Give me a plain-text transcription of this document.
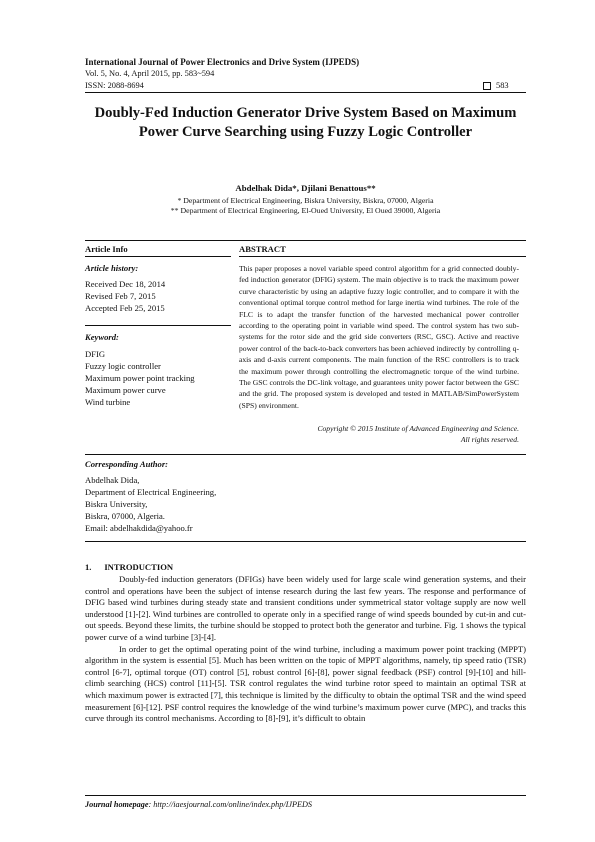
International Journal of Power Electronics and Drive System (IJPEDS)
Vol. 5, No. 4, April 2015, pp. 583~594
ISSN: 2088-8694	583
Doubly-Fed Induction Generator Drive System Based on Maximum Power Curve Searching using Fuzzy Logic Controller
Abdelhak Dida*, Djilani Benattous**
* Department of Electrical Engineering, Biskra University, Biskra, 07000, Algeria
** Department of Electrical Engineering, El-Oued University, El Oued 39000, Algeria
Article Info	ABSTRACT
Article history:
Received Dec 18, 2014
Revised Feb 7, 2015
Accepted Feb 25, 2015
Keyword:
DFIG
Fuzzy logic controller
Maximum power point tracking
Maximum power curve
Wind turbine
This paper proposes a novel variable speed control algorithm for a grid connected doubly-fed induction generator (DFIG) system. The main objective is to track the maximum power curve characteristic by using an adaptive fuzzy logic controller, and to compare it with the conventional optimal torque control method for large inertia wind turbines. The role of the FLC is to adapt the transfer function of the harvested mechanical power controller according to the operating point in variable wind speed. The control system has two sub-systems for the rotor side and the grid side converters (RSC, GSC). Active and reactive power control of the back-to-back converters has been achieved indirectly by controlling q-axis and d-axis current components. The main function of the RSC controllers is to track the maximum power through controlling the electromagnetic torque of the wind turbine. The GSC controls the DC-link voltage, and guarantees unity power factor between the GSC and the grid. The proposed system is developed and tested in MATLAB/SimPowerSystem (SPS) environment.
Copyright © 2015 Institute of Advanced Engineering and Science.
All rights reserved.
Corresponding Author:
Abdelhak Dida,
Department of Electrical Engineering,
Biskra University,
Biskra, 07000, Algeria.
Email: abdelhakdida@yahoo.fr
1.      INTRODUCTION

Doubly-fed induction generators (DFIGs) have been widely used for large scale wind generation systems, and their control and operations have been the subject of intense research during the last few years. The response and performance of DFIG based wind turbines during steady state and transient conditions under symmetrical stator voltage supply are now well understood [1]-[2]. Wind turbines are controlled to operate only in a specified range of wind speeds bounded by cut-in and cut-out speeds. Beyond these limits, the turbine should be stopped to protect both the generator and turbine. Fig. 1 shows the typical power curve of a wind turbine [3]-[4].

In order to get the optimal operating point of the wind turbine, including a maximum power point tracking (MPPT) algorithm in the system is essential [5]. Much has been written on the topic of MPPT algorithms, namely, tip speed ratio (TSR) control [6-7], optimal torque (OT) control [5], robust control [6]-[8], power signal feedback (PSF) control [9]-[10] and hill-climb searching (HCS) control [11]-[5]. TSR control regulates the wind turbine rotor speed to maintain an optimal TSR at which maximum power is extracted [7], this technique is limited by the difficulty to obtain the optimal TSR and the wind speed measurement [6]-[12]. PSF control requires the knowledge of the wind turbine’s maximum power curve (MPC), and tracks this curve through its control mechanisms. According to [8]-[9], it’s difficult to obtain

Journal homepage: http://iaesjournal.com/online/index.php/IJPEDS
